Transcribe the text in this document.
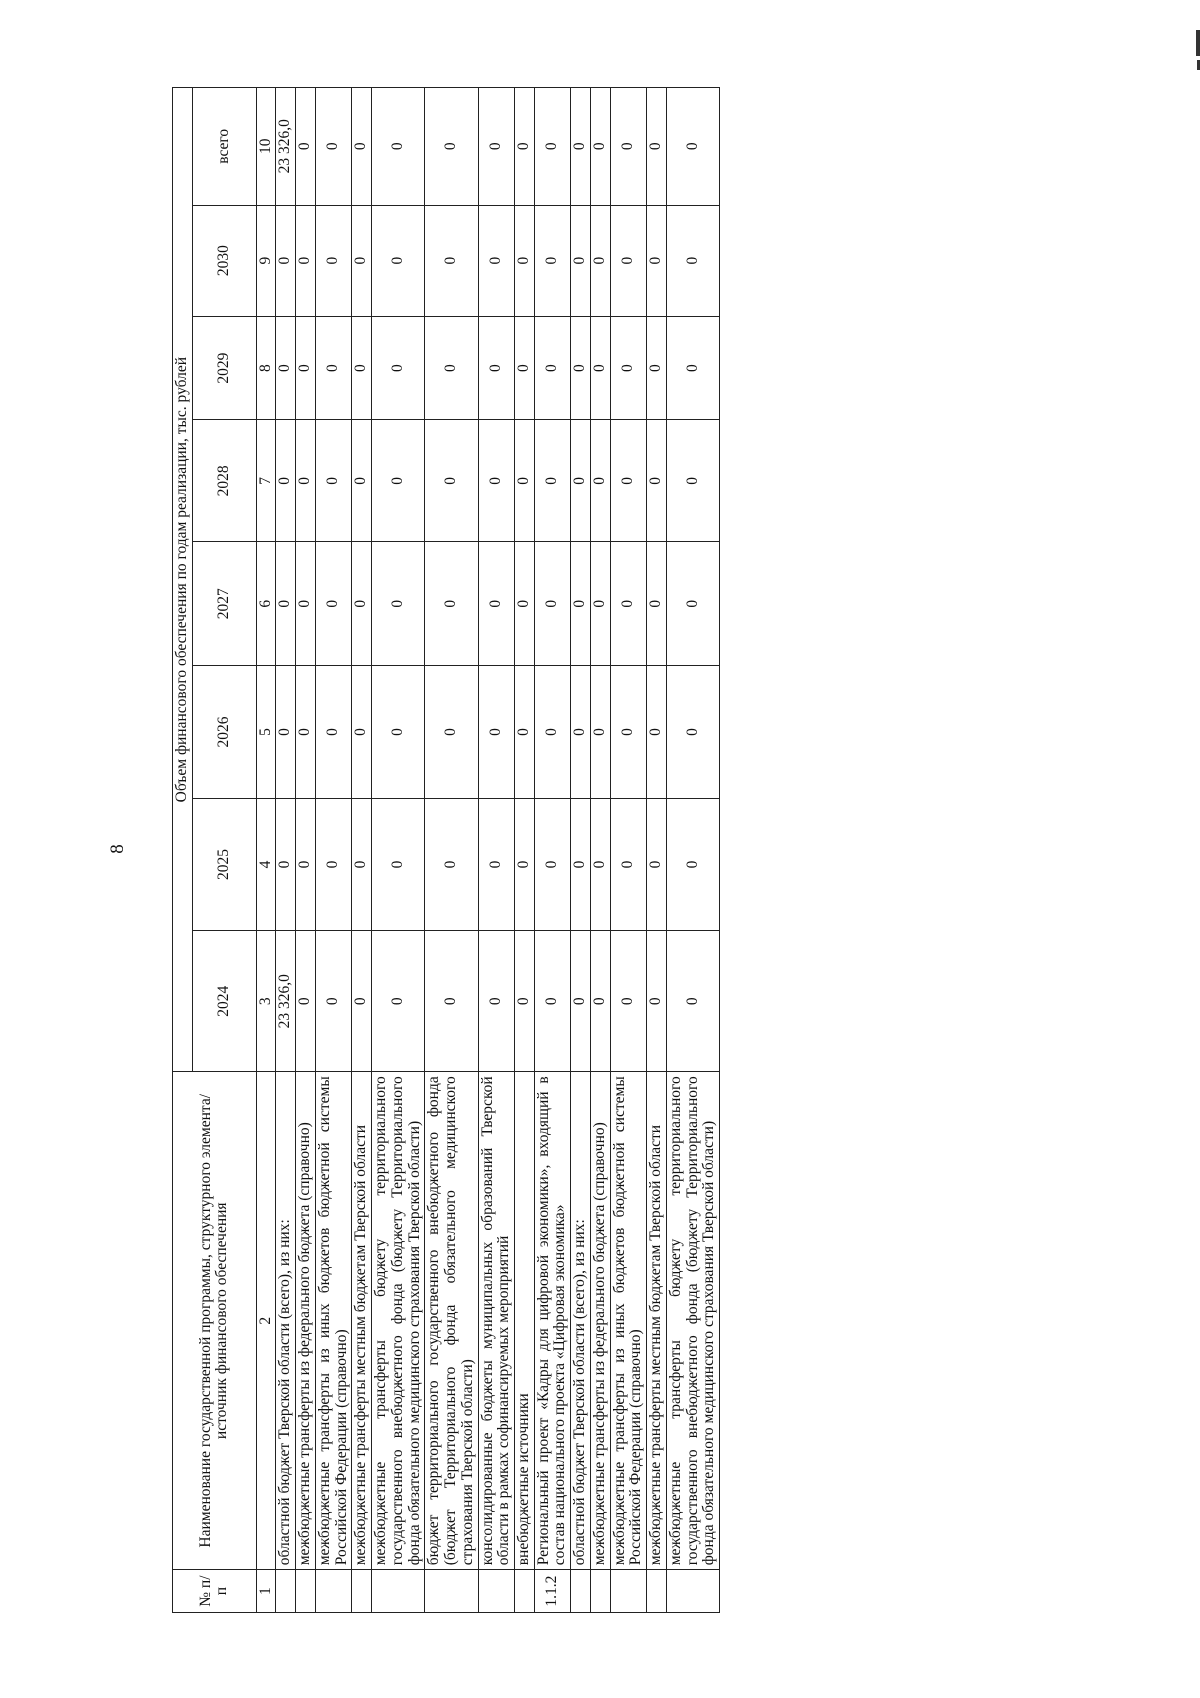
8
№ п/п	Наименование государственной программы, структурного элемента/источник финансового обеспечения	Объем финансового обеспечения по годам реализации, тыс. рублей							
		2024	2025	2026	2027	2028	2029	2030	всего
1	2	3	4	5	6	7	8	9	10
	областной бюджет Тверской области (всего), из них:	23 326,0	0	0	0	0	0	0	23 326,0
	межбюджетные трансферты из федерального бюджета (справочно)	0	0	0	0	0	0	0	0
	межбюджетные трансферты из иных бюджетов бюджетной системы Российской Федерации (справочно)	0	0	0	0	0	0	0	0
	межбюджетные трансферты местным бюджетам Тверской области	0	0	0	0	0	0	0	0
	межбюджетные трансферты бюджету территориального государственного внебюджетного фонда (бюджету Территориального фонда обязательного медицинского страхования Тверской области)	0	0	0	0	0	0	0	0
	бюджет территориального государственного внебюджетного фонда (бюджет Территориального фонда обязательного медицинского страхования Тверской области)	0	0	0	0	0	0	0	0
	консолидированные бюджеты муниципальных образований Тверской области в рамках софинансируемых мероприятий	0	0	0	0	0	0	0	0
	внебюджетные источники	0	0	0	0	0	0	0	0
1.1.2	Региональный проект «Кадры для цифровой экономики», входящий в состав национального проекта «Цифровая экономика»	0	0	0	0	0	0	0	0
	областной бюджет Тверской области (всего), из них:	0	0	0	0	0	0	0	0
	межбюджетные трансферты из федерального бюджета (справочно)	0	0	0	0	0	0	0	0
	межбюджетные трансферты из иных бюджетов бюджетной системы Российской Федерации (справочно)	0	0	0	0	0	0	0	0
	межбюджетные трансферты местным бюджетам Тверской области	0	0	0	0	0	0	0	0
	межбюджетные трансферты бюджету территориального государственного внебюджетного фонда (бюджету Территориального фонда обязательного медицинского страхования Тверской области)	0	0	0	0	0	0	0	0
